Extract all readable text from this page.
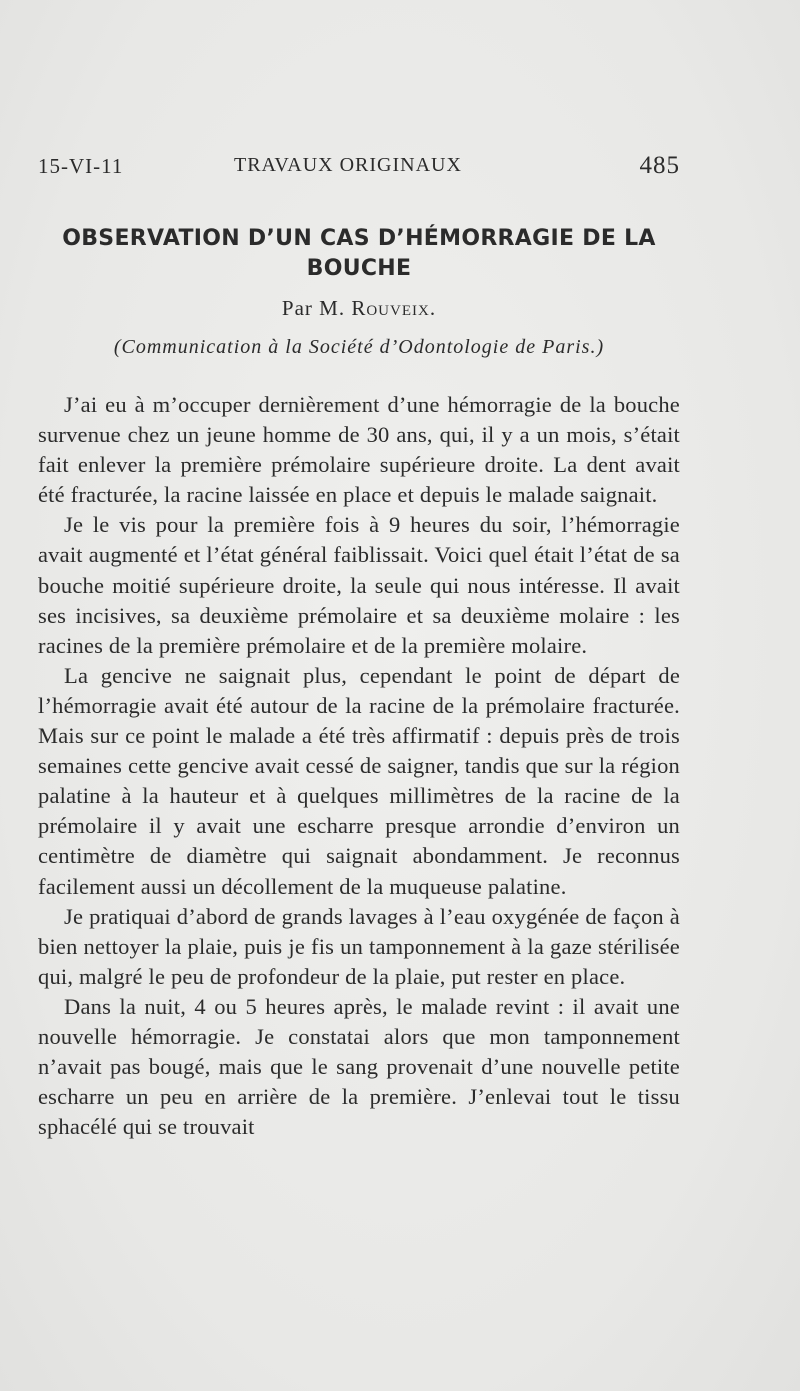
15-VI-11	TRAVAUX ORIGINAUX	485
OBSERVATION D’UN CAS D’HÉMORRAGIE DE LA BOUCHE
Par M. Rouveix.
(Communication à la Société d’Odontologie de Paris.)

J’ai eu à m’occuper dernièrement d’une hémorragie de la bouche survenue chez un jeune homme de 30 ans, qui, il y a un mois, s’était fait enlever la première prémolaire supérieure droite. La dent avait été fracturée, la racine laissée en place et depuis le malade saignait.

Je le vis pour la première fois à 9 heures du soir, l’hémorragie avait augmenté et l’état général faiblissait. Voici quel était l’état de sa bouche moitié supérieure droite, la seule qui nous intéresse. Il avait ses incisives, sa deuxième prémolaire et sa deuxième molaire : les racines de la première prémolaire et de la première molaire.

La gencive ne saignait plus, cependant le point de départ de l’hémorragie avait été autour de la racine de la prémolaire fracturée. Mais sur ce point le malade a été très affirmatif : depuis près de trois semaines cette gencive avait cessé de saigner, tandis que sur la région palatine à la hauteur et à quelques millimètres de la racine de la prémolaire il y avait une escharre presque arrondie d’environ un centimètre de diamètre qui saignait abondamment. Je reconnus facilement aussi un décollement de la muqueuse palatine.

Je pratiquai d’abord de grands lavages à l’eau oxygénée de façon à bien nettoyer la plaie, puis je fis un tamponnement à la gaze stérilisée qui, malgré le peu de profondeur de la plaie, put rester en place.

Dans la nuit, 4 ou 5 heures après, le malade revint : il avait une nouvelle hémorragie. Je constatai alors que mon tamponnement n’avait pas bougé, mais que le sang provenait d’une nouvelle petite escharre un peu en arrière de la première. J’enlevai tout le tissu sphacélé qui se trouvait
